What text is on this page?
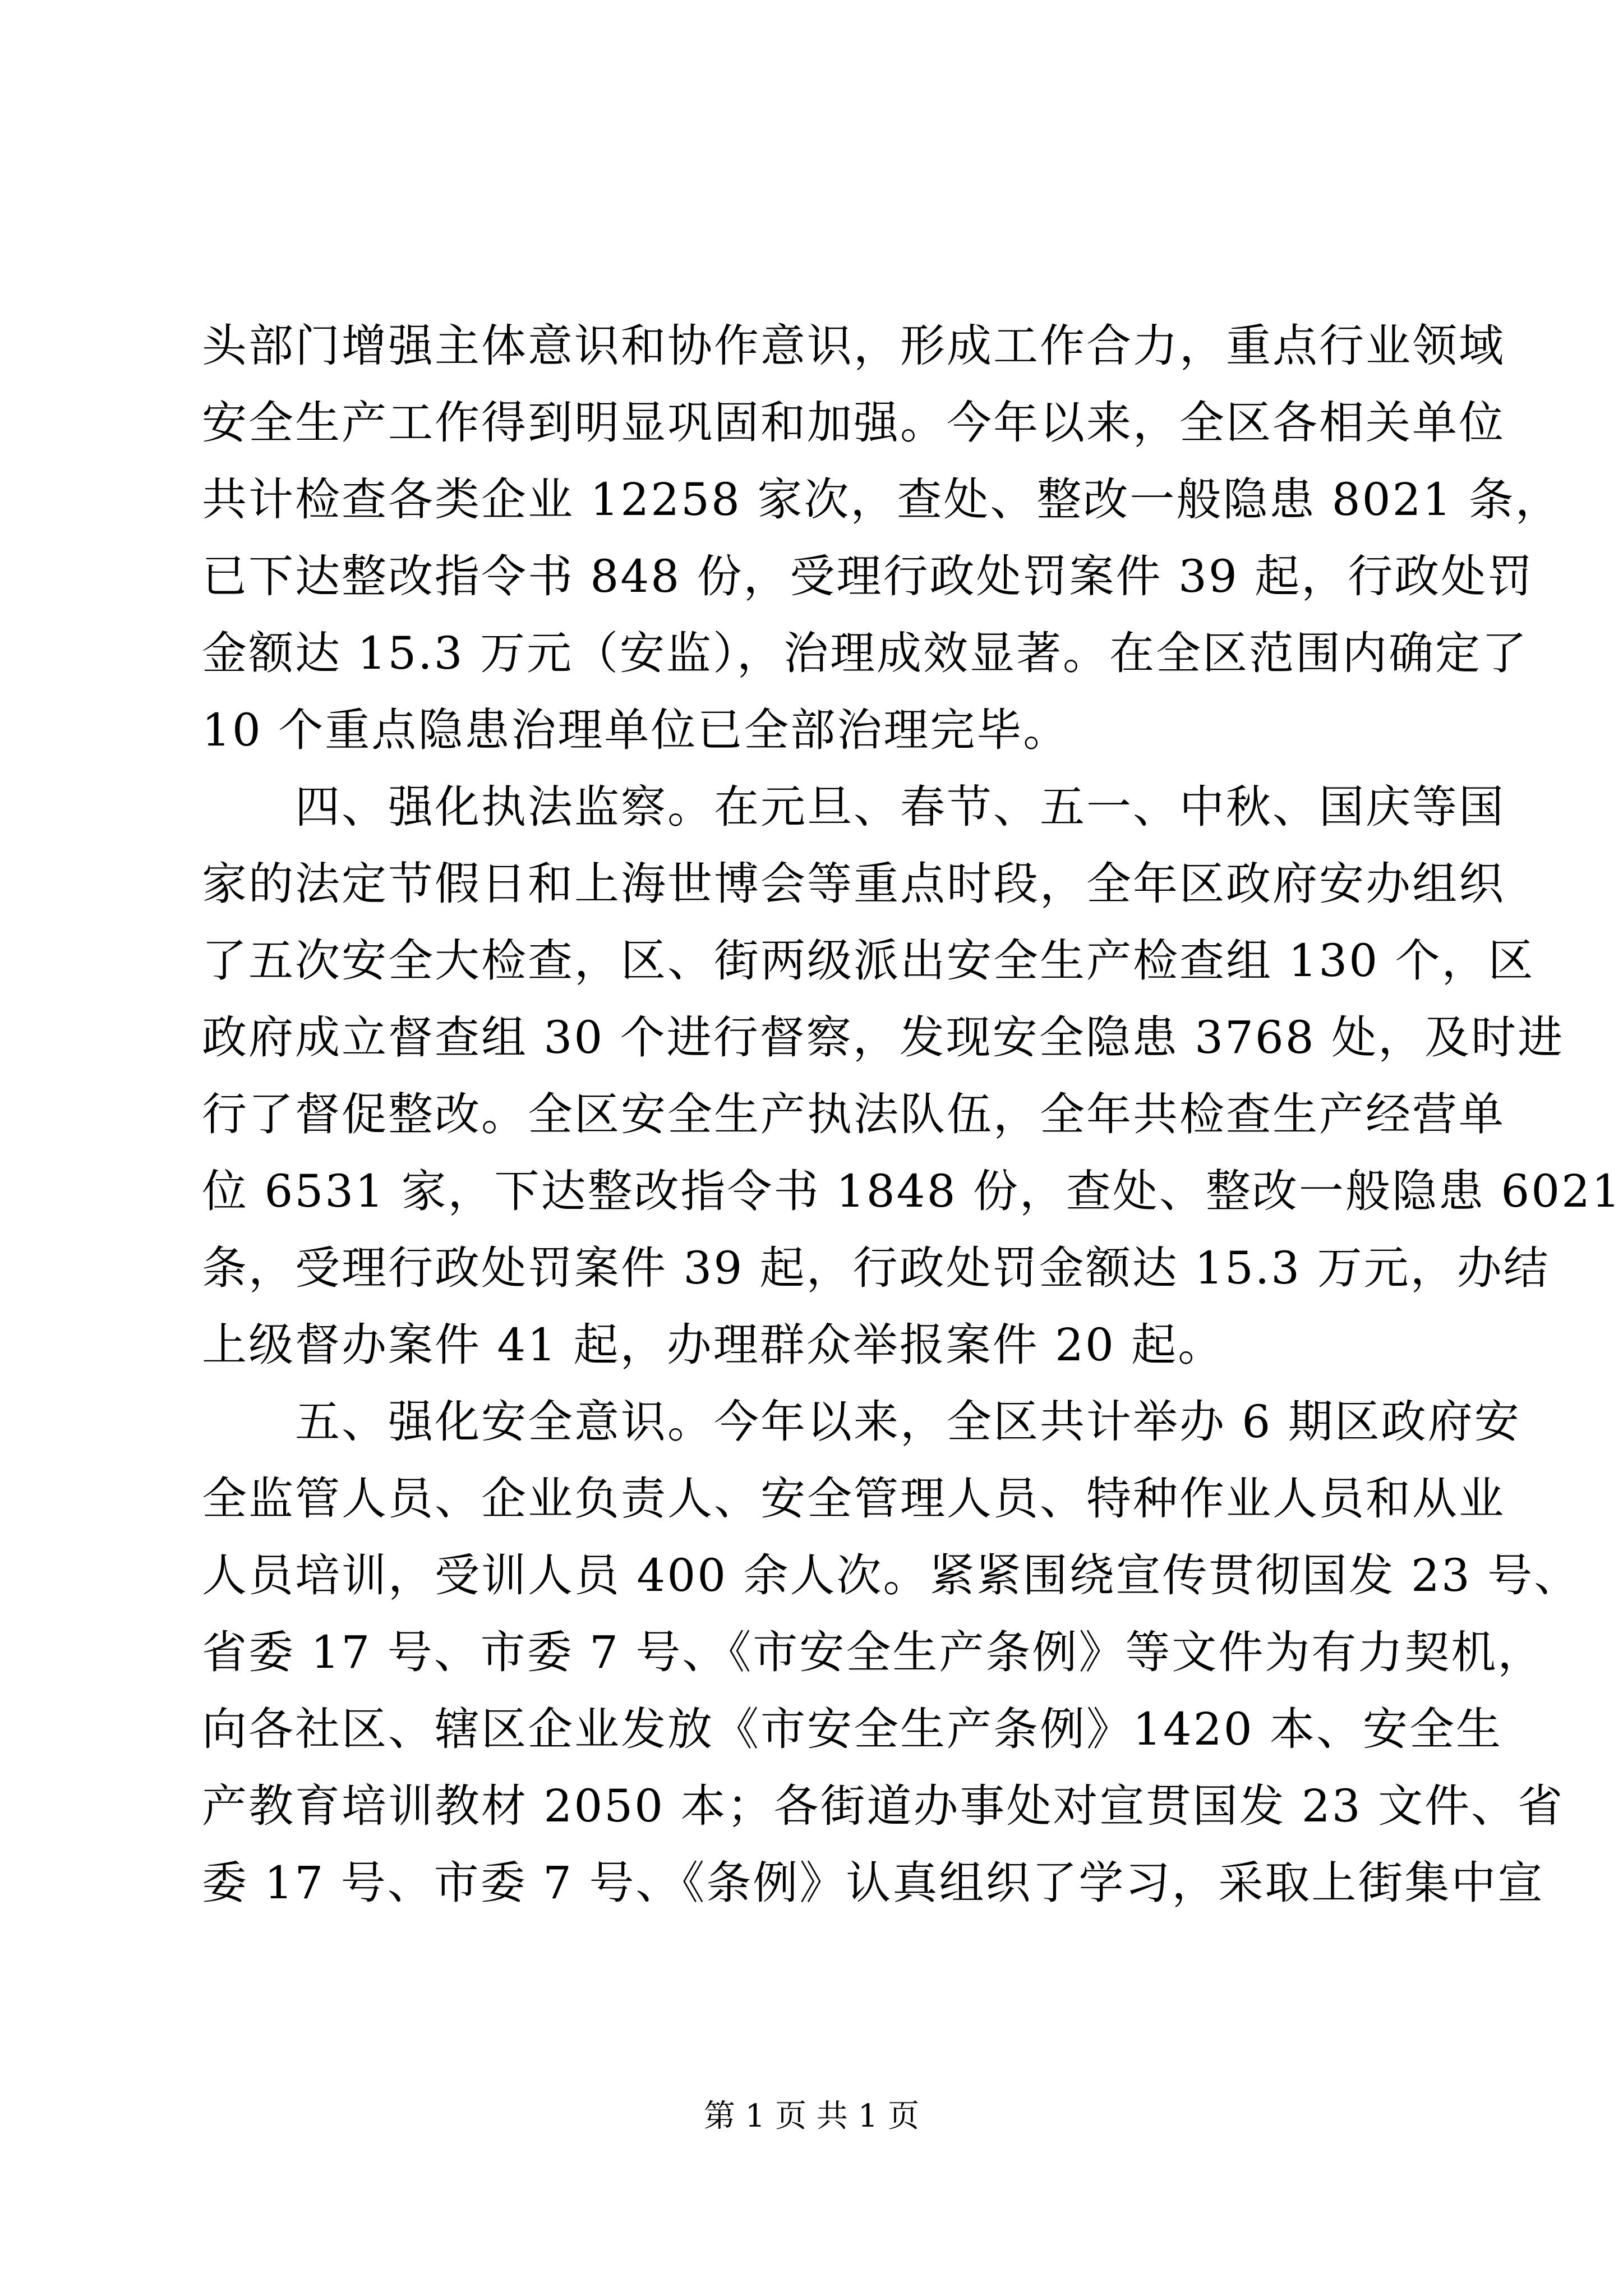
头部门增强主体意识和协作意识，形成工作合力，重点行业领域
安全生产工作得到明显巩固和加强。今年以来，全区各相关单位
共计检查各类企业 12258 家次，查处、整改一般隐患 8021 条，
已下达整改指令书 848 份，受理行政处罚案件 39 起，行政处罚
金额达 15.3 万元（安监），治理成效显著。在全区范围内确定了
10 个重点隐患治理单位已全部治理完毕。
　　四、强化执法监察。在元旦、春节、五一、中秋、国庆等国
家的法定节假日和上海世博会等重点时段，全年区政府安办组织
了五次安全大检查，区、街两级派出安全生产检查组 130 个，区
政府成立督查组 30 个进行督察，发现安全隐患 3768 处，及时进
行了督促整改。全区安全生产执法队伍，全年共检查生产经营单
位 6531 家，下达整改指令书 1848 份，查处、整改一般隐患 6021
条，受理行政处罚案件 39 起，行政处罚金额达 15.3 万元，办结
上级督办案件 41 起，办理群众举报案件 20 起。
　　五、强化安全意识。今年以来，全区共计举办 6 期区政府安
全监管人员、企业负责人、安全管理人员、特种作业人员和从业
人员培训，受训人员 400 余人次。紧紧围绕宣传贯彻国发 23 号、
省委 17 号、市委 7 号、《市安全生产条例》等文件为有力契机，
向各社区、辖区企业发放《市安全生产条例》1420 本、安全生
产教育培训教材 2050 本；各街道办事处对宣贯国发 23 文件、省
委 17 号、市委 7 号、《条例》认真组织了学习，采取上街集中宣
第 1 页 共 1 页
